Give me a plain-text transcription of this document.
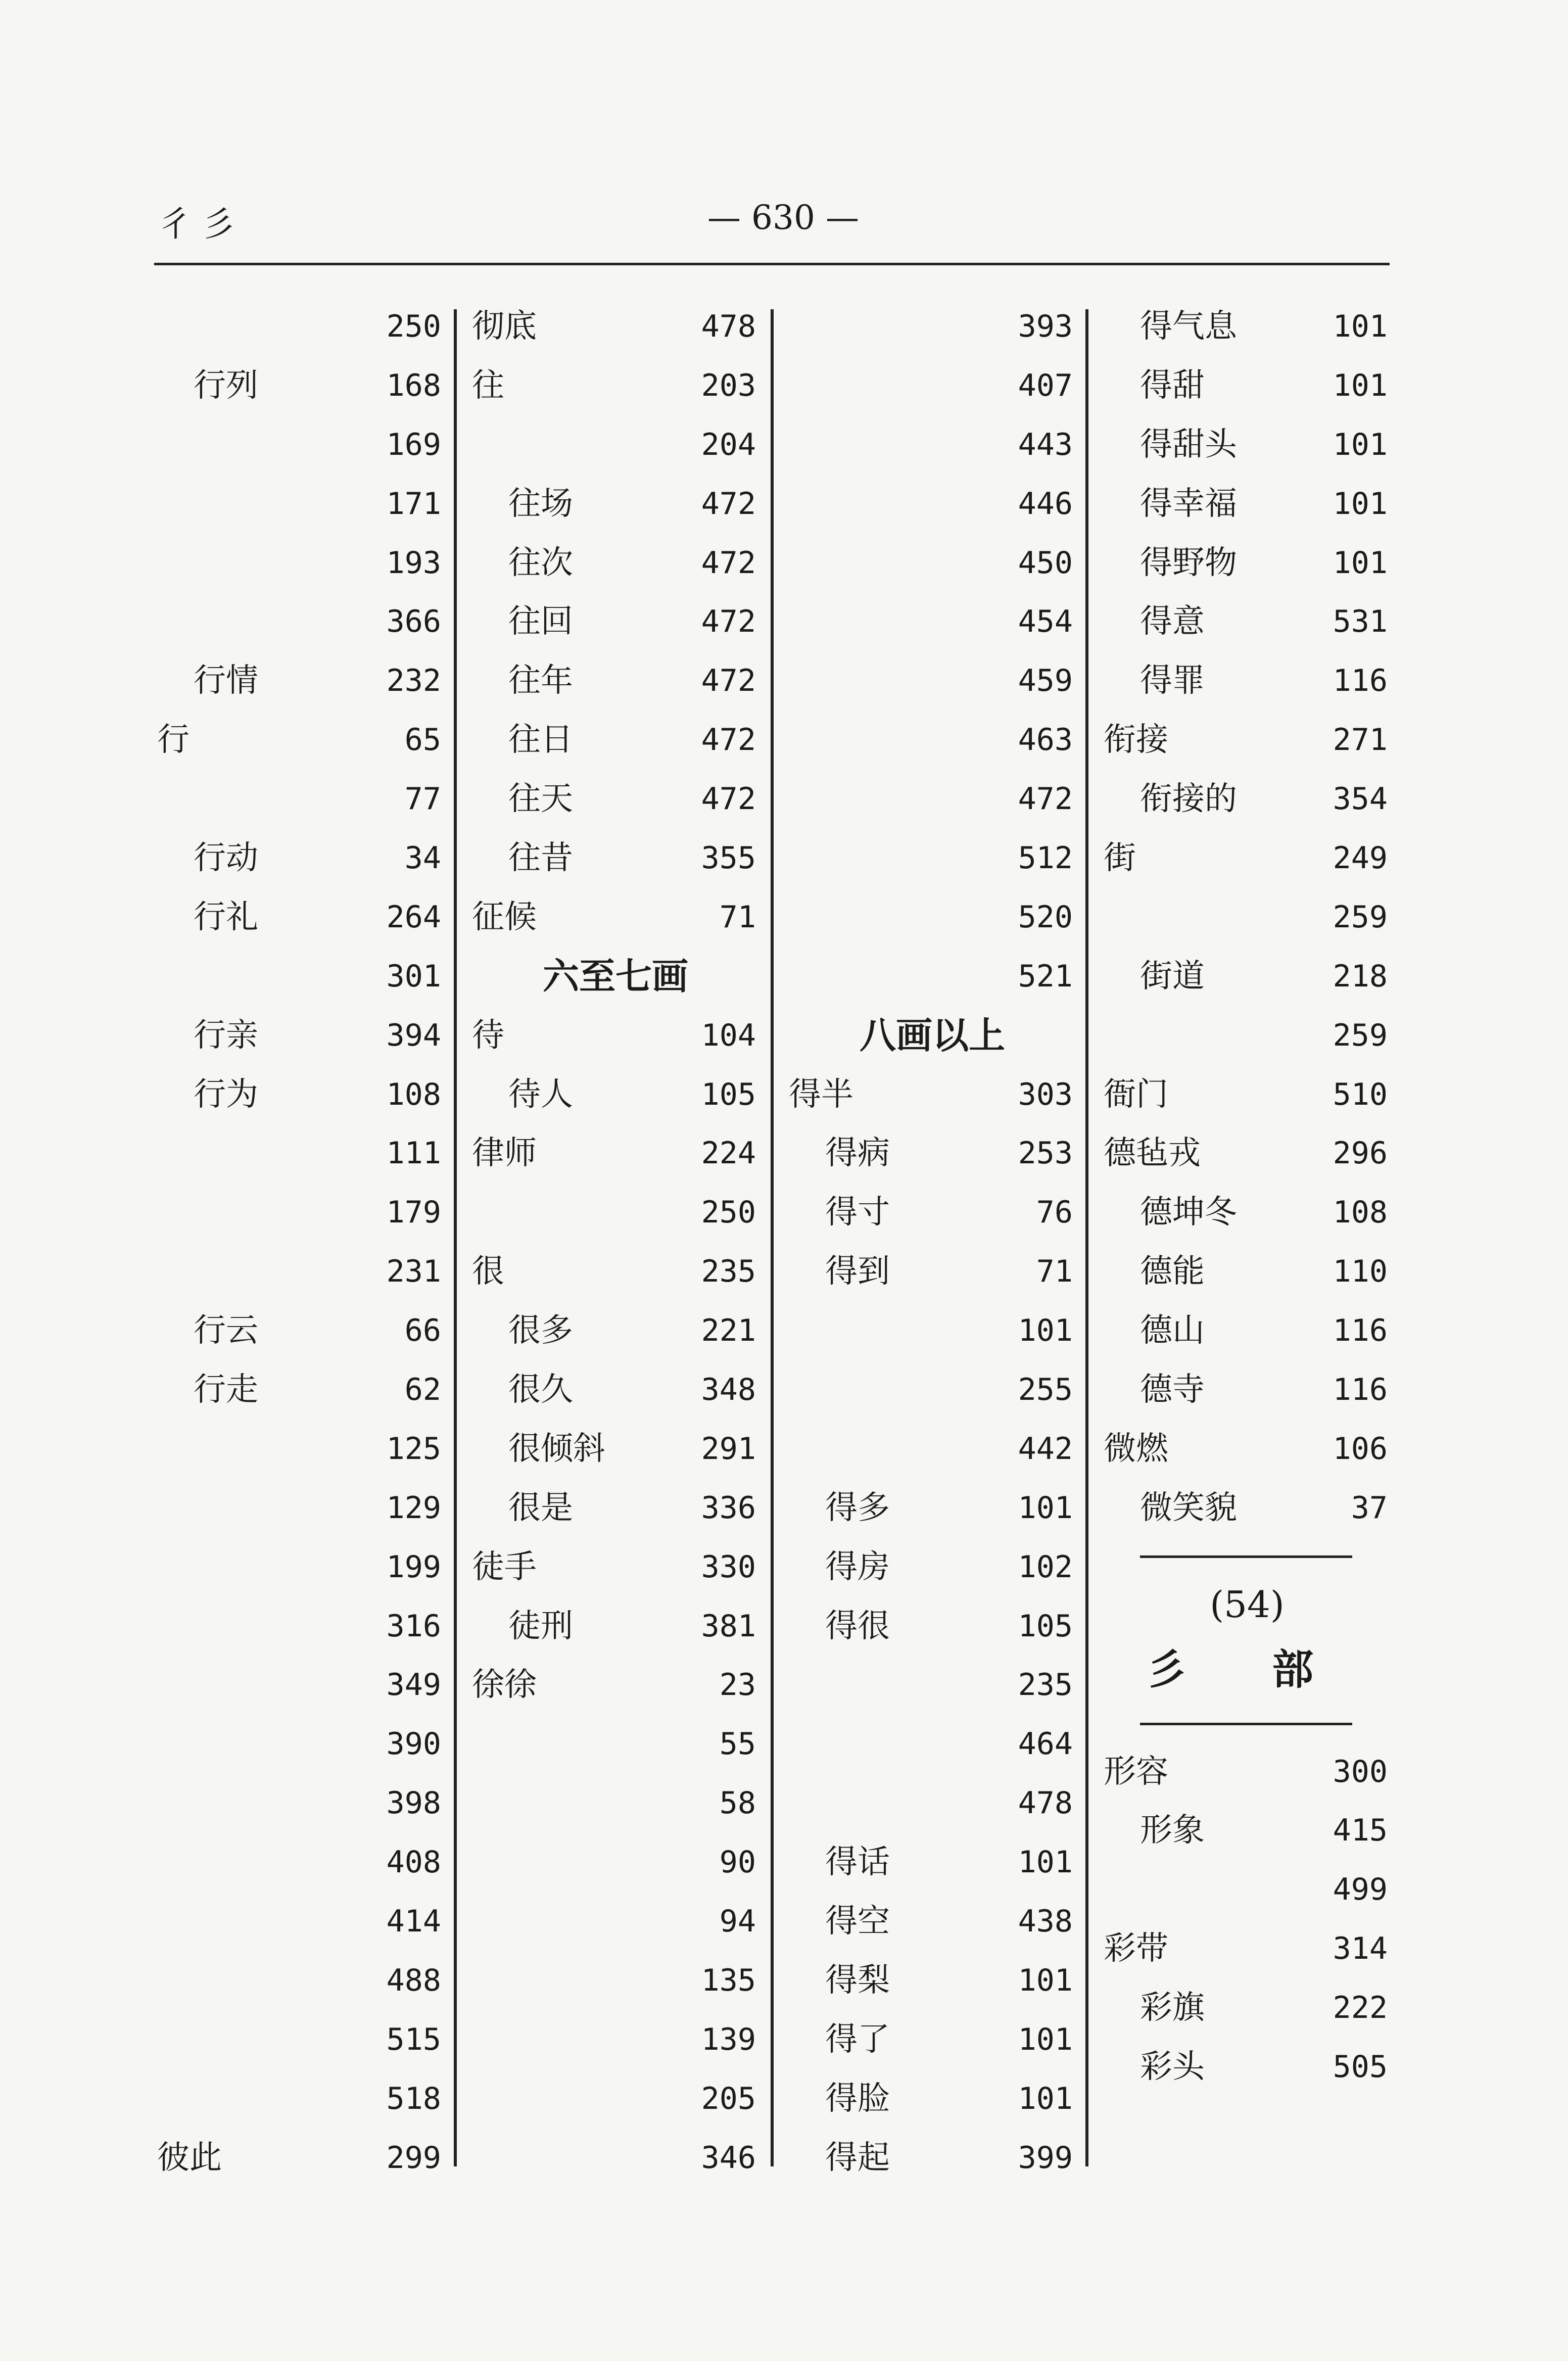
彳彡	— 630 —
250
行列	168
169
171
193
366
行情	232
行	65
77
行动	34
行礼	264
301
行亲	394
行为	108
111
179
231
行云	66
行走	62
125
129
199
316
349
390
398
408
414
488
515
518
彼此	299
彻底	478
往	203
204
往场	472
往次	472
往回	472
往年	472
往日	472
往天	472
往昔	355
征候	71
六至七画
待	104
待人	105
律师	224
250
很	235
很多	221
很久	348
很倾斜	291
很是	336
徒手	330
徒刑	381
徐徐	23
55
58
90
94
135
139
205
346
393
407
443
446
450
454
459
463
472
512
520
521
八画以上
得半	303
得病	253
得寸	76
得到	71
101
255
442
得多	101
得房	102
得很	105
235
464
478
得话	101
得空	438
得梨	101
得了	101
得脸	101
得起	399
得气息	101
得甜	101
得甜头	101
得幸福	101
得野物	101
得意	531
得罪	116
衔接	271
衔接的	354
街	249
259
街道	218
259
衙门	510
德毡戎	296
德坤冬	108
德能	110
德山	116
德寺	116
微燃	106
微笑貌	37
(54)
彡 部
形容	300
形象	415
499
彩带	314
彩旗	222
彩头	505
